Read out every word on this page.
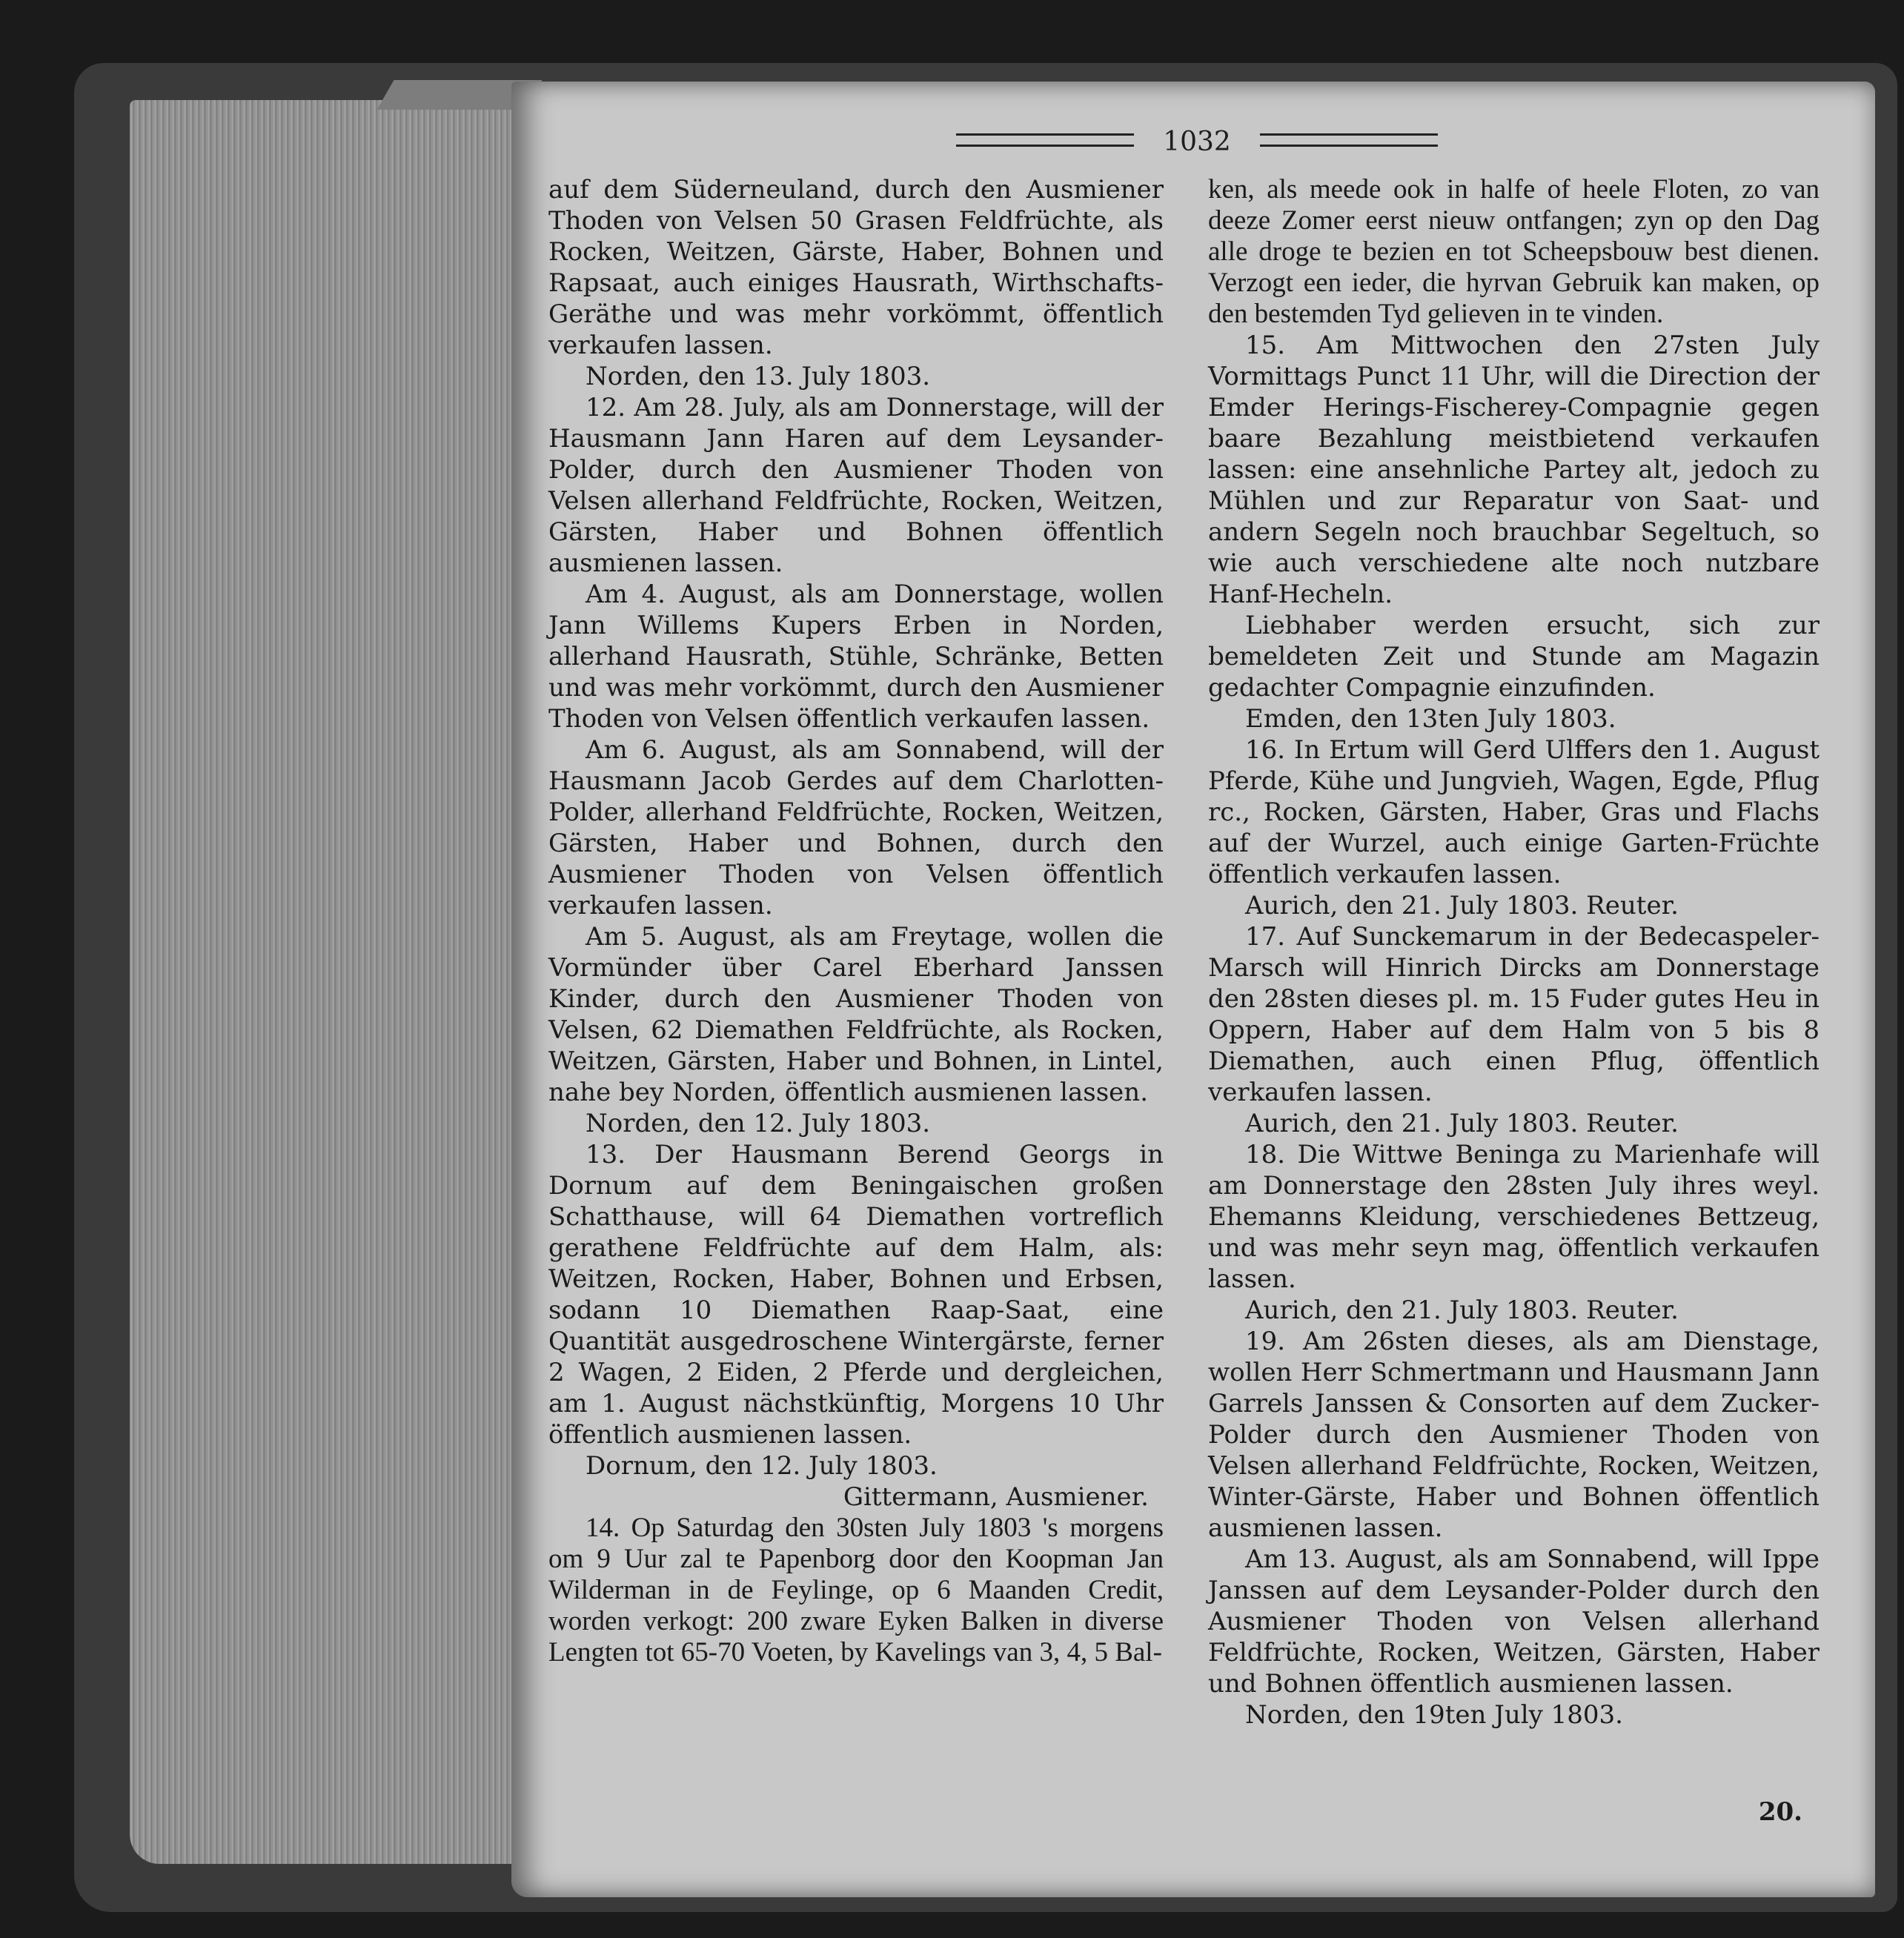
1032

auf dem Süderneuland, durch den Ausmiener Thoden von Velsen 50 Grasen Feldfrüchte, als Rocken, Weitzen, Gärste, Haber, Bohnen und Rapsaat, auch einiges Hausrath, Wirthschafts-Geräthe und was mehr vorkömmt, öffentlich verkaufen lassen.

Norden, den 13. July 1803.

12. Am 28. July, als am Donnerstage, will der Hausmann Jann Haren auf dem Leysander-Polder, durch den Ausmiener Thoden von Velsen allerhand Feldfrüchte, Rocken, Weitzen, Gärsten, Haber und Bohnen öffentlich ausmienen lassen.

Am 4. August, als am Donnerstage, wollen Jann Willems Kupers Erben in Norden, allerhand Hausrath, Stühle, Schränke, Betten und was mehr vorkömmt, durch den Ausmiener Thoden von Velsen öffentlich verkaufen lassen.

Am 6. August, als am Sonnabend, will der Hausmann Jacob Gerdes auf dem Charlotten-Polder, allerhand Feldfrüchte, Rocken, Weitzen, Gärsten, Haber und Bohnen, durch den Ausmiener Thoden von Velsen öffentlich verkaufen lassen.

Am 5. August, als am Freytage, wollen die Vormünder über Carel Eberhard Janssen Kinder, durch den Ausmiener Thoden von Velsen, 62 Diemathen Feldfrüchte, als Rocken, Weitzen, Gärsten, Haber und Bohnen, in Lintel, nahe bey Norden, öffentlich ausmienen lassen.

Norden, den 12. July 1803.

13. Der Hausmann Berend Georgs in Dornum auf dem Beningaischen großen Schatthause, will 64 Diemathen vortreflich gerathene Feldfrüchte auf dem Halm, als: Weitzen, Rocken, Haber, Bohnen und Erbsen, sodann 10 Diemathen Raap-Saat, eine Quantität ausgedroschene Wintergärste, ferner 2 Wagen, 2 Eiden, 2 Pferde und dergleichen, am 1. August nächstkünftig, Morgens 10 Uhr öffentlich ausmienen lassen.

Dornum, den 12. July 1803.

Gittermann, Ausmiener.

14. Op Saturdag den 30sten July 1803 's morgens om 9 Uur zal te Papenborg door den Koopman Jan Wilderman in de Feylinge, op 6 Maanden Credit, worden verkogt: 200 zware Eyken Balken in diverse Lengten tot 65-70 Voeten, by Kavelings van 3, 4, 5 Bal-

ken, als meede ook in halfe of heele Floten, zo van deeze Zomer eerst nieuw ontfangen; zyn op den Dag alle droge te bezien en tot Scheepsbouw best dienen. Verzogt een ieder, die hyrvan Gebruik kan maken, op den bestemden Tyd gelieven in te vinden.

15. Am Mittwochen den 27sten July Vormittags Punct 11 Uhr, will die Direction der Emder Herings-Fischerey-Compagnie gegen baare Bezahlung meistbietend verkaufen lassen: eine ansehnliche Partey alt, jedoch zu Mühlen und zur Reparatur von Saat- und andern Segeln noch brauchbar Segeltuch, so wie auch verschiedene alte noch nutzbare Hanf-Hecheln.

Liebhaber werden ersucht, sich zur bemeldeten Zeit und Stunde am Magazin gedachter Compagnie einzufinden.

Emden, den 13ten July 1803.

16. In Ertum will Gerd Ulffers den 1. August Pferde, Kühe und Jungvieh, Wagen, Egde, Pflug rc., Rocken, Gärsten, Haber, Gras und Flachs auf der Wurzel, auch einige Garten-Früchte öffentlich verkaufen lassen.

Aurich, den 21. July 1803. Reuter.

17. Auf Sunckemarum in der Bedecaspeler-Marsch will Hinrich Dircks am Donnerstage den 28sten dieses pl. m. 15 Fuder gutes Heu in Oppern, Haber auf dem Halm von 5 bis 8 Diemathen, auch einen Pflug, öffentlich verkaufen lassen.

Aurich, den 21. July 1803. Reuter.

18. Die Wittwe Beninga zu Marienhafe will am Donnerstage den 28sten July ihres weyl. Ehemanns Kleidung, verschiedenes Bettzeug, und was mehr seyn mag, öffentlich verkaufen lassen.

Aurich, den 21. July 1803. Reuter.

19. Am 26sten dieses, als am Dienstage, wollen Herr Schmertmann und Hausmann Jann Garrels Janssen & Consorten auf dem Zucker-Polder durch den Ausmiener Thoden von Velsen allerhand Feldfrüchte, Rocken, Weitzen, Winter-Gärste, Haber und Bohnen öffentlich ausmienen lassen.

Am 13. August, als am Sonnabend, will Ippe Janssen auf dem Leysander-Polder durch den Ausmiener Thoden von Velsen allerhand Feldfrüchte, Rocken, Weitzen, Gärsten, Haber und Bohnen öffentlich ausmienen lassen.

Norden, den 19ten July 1803.

20.
